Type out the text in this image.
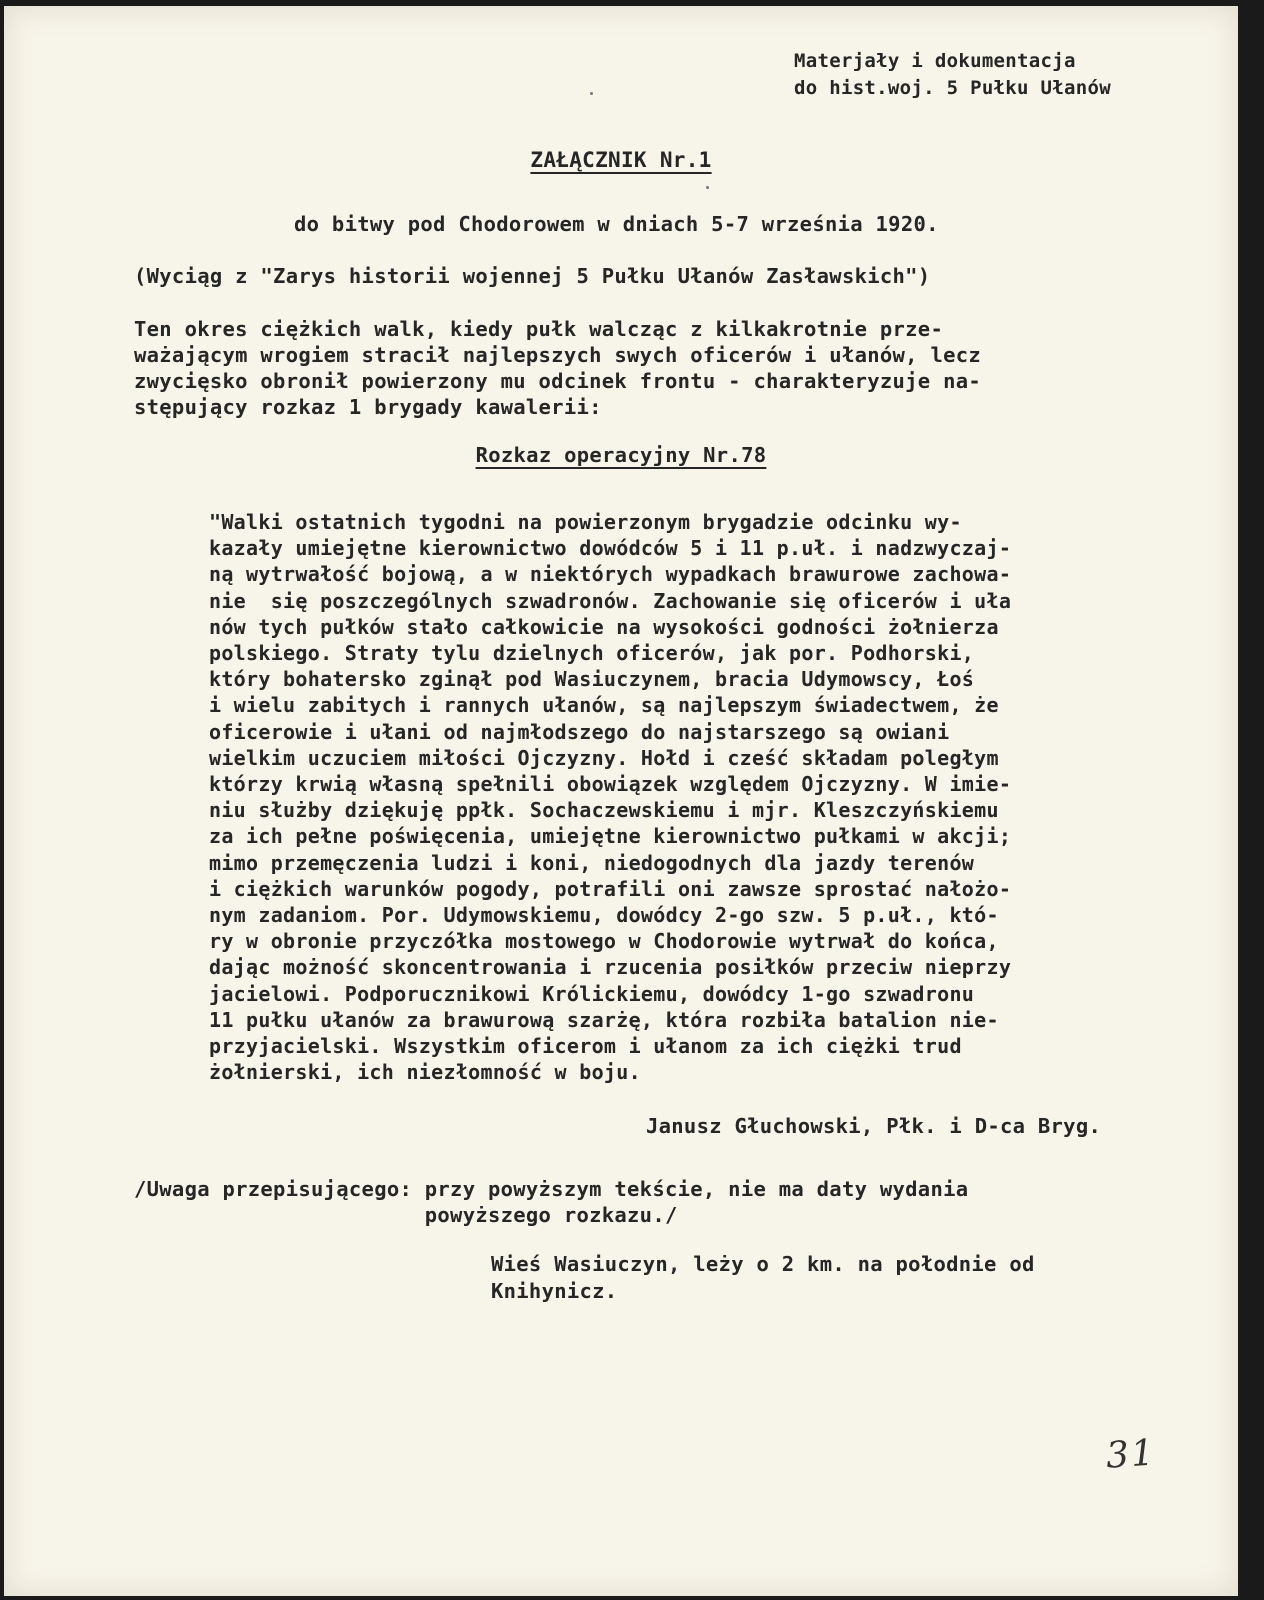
Materjały i dokumentacja
do hist.woj. 5 Pułku Ułanów

ZAŁĄCZNIK Nr.1

do bitwy pod Chodorowem w dniach 5-7 września 1920.

(Wyciąg z "Zarys historii wojennej 5 Pułku Ułanów Zasławskich")

Ten okres ciężkich walk, kiedy pułk walcząc z kilkakrotnie prze-
ważającym wrogiem stracił najlepszych swych oficerów i ułanów, lecz
zwycięsko obronił powierzony mu odcinek frontu - charakteryzuje na-
stępujący rozkaz 1 brygady kawalerii:

Rozkaz operacyjny Nr.78

"Walki ostatnich tygodni na powierzonym brygadzie odcinku wy-
kazały umiejętne kierownictwo dowódców 5 i 11 p.uł. i nadzwyczaj-
ną wytrwałość bojową, a w niektórych wypadkach brawurowe zachowa-
nie  się poszczególnych szwadronów. Zachowanie się oficerów i uła
nów tych pułków stało całkowicie na wysokości godności żołnierza
polskiego. Straty tylu dzielnych oficerów, jak por. Podhorski,
który bohatersko zginął pod Wasiuczynem, bracia Udymowscy, Łoś
i wielu zabitych i rannych ułanów, są najlepszym świadectwem, że
oficerowie i ułani od najmłodszego do najstarszego są owiani
wielkim uczuciem miłości Ojczyzny. Hołd i cześć składam poległym
którzy krwią własną spełnili obowiązek względem Ojczyzny. W imie-
niu służby dziękuję ppłk. Sochaczewskiemu i mjr. Kleszczyńskiemu
za ich pełne poświęcenia, umiejętne kierownictwo pułkami w akcji;
mimo przemęczenia ludzi i koni, niedogodnych dla jazdy terenów
i ciężkich warunków pogody, potrafili oni zawsze sprostać nałożo-
nym zadaniom. Por. Udymowskiemu, dowódcy 2-go szw. 5 p.uł., któ-
ry w obronie przyczółka mostowego w Chodorowie wytrwał do końca,
dając możność skoncentrowania i rzucenia posiłków przeciw nieprzy
jacielowi. Podporucznikowi Królickiemu, dowódcy 1-go szwadronu
11 pułku ułanów za brawurową szarżę, która rozbiła batalion nie-
przyjacielski. Wszystkim oficerom i ułanom za ich ciężki trud
żołnierski, ich niezłomność w boju.

Janusz Głuchowski, Płk. i D-ca Bryg.

/Uwaga przepisującego: przy powyższym tekście, nie ma daty wydania
powyższego rozkazu./

Wieś Wasiuczyn, leży o 2 km. na połodnie od
Knihynicz.

31
